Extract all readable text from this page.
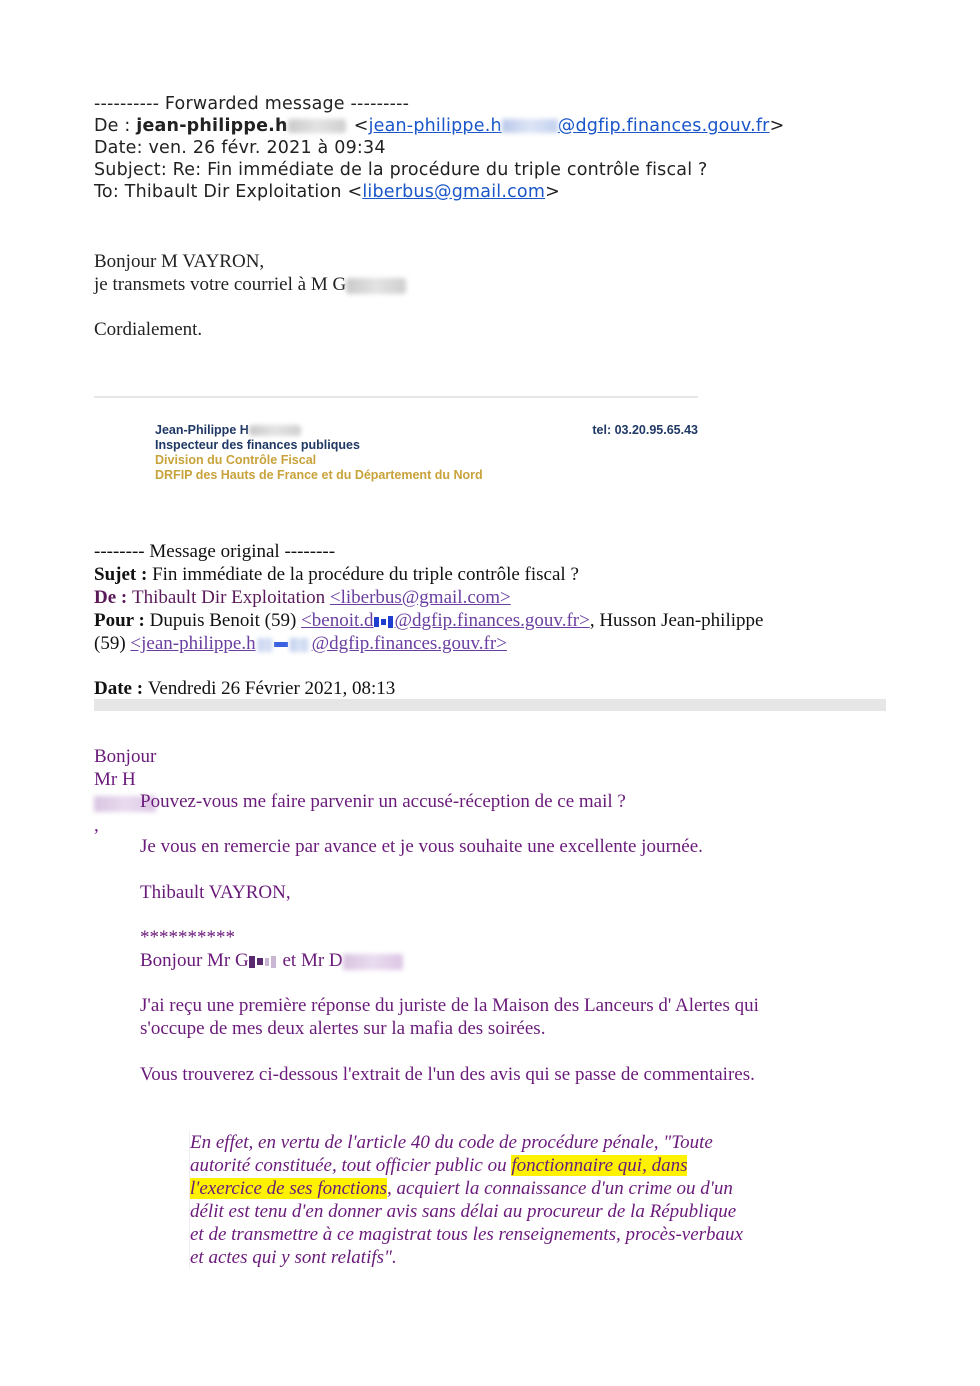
---------- Forwarded message ---------
De : jean-philippe.h	<jean-philippe.h	@dgfip.finances.gouv.fr>
Date: ven. 26 févr. 2021 à 09:34
Subject: Re: Fin immédiate de la procédure du triple contrôle fiscal ?
To: Thibault Dir Exploitation <liberbus@gmail.com>
Bonjour M VAYRON,
je transmets votre courriel à M G
Cordialement.
Jean-Philippe H
Inspecteur des finances publiques
Division du Contrôle Fiscal
DRFIP des Hauts de France et du Département du Nord
tel: 03.20.95.65.43
-------- Message original --------
Sujet : Fin immédiate de la procédure du triple contrôle fiscal ?
De : Thibault Dir Exploitation <liberbus@gmail.com>
Pour : Dupuis Benoit (59) <benoit.d @dgfip.finances.gouv.fr>, Husson Jean-philippe
(59) <jean-philippe.h	@dgfip.finances.gouv.fr>
Date : Vendredi 26 Février 2021, 08:13
Bonjour Mr H,
Pouvez-vous me faire parvenir un accusé-réception de ce mail ?
Je vous en remercie par avance et je vous souhaite une excellente journée.
Thibault VAYRON,
**********
Bonjour Mr G et Mr D
J'ai reçu une première réponse du juriste de la Maison des Lanceurs d' Alertes qui s'occupe de mes deux alertes sur la mafia des soirées.
Vous trouverez ci-dessous l'extrait de l'un des avis qui se passe de commentaires.
En effet, en vertu de l'article 40 du code de procédure pénale, "Toute autorité constituée, tout officier public ou fonctionnaire qui, dans l'exercice de ses fonctions, acquiert la connaissance d'un crime ou d'un délit est tenu d'en donner avis sans délai au procureur de la République et de transmettre à ce magistrat tous les renseignements, procès-verbaux et actes qui y sont relatifs".
